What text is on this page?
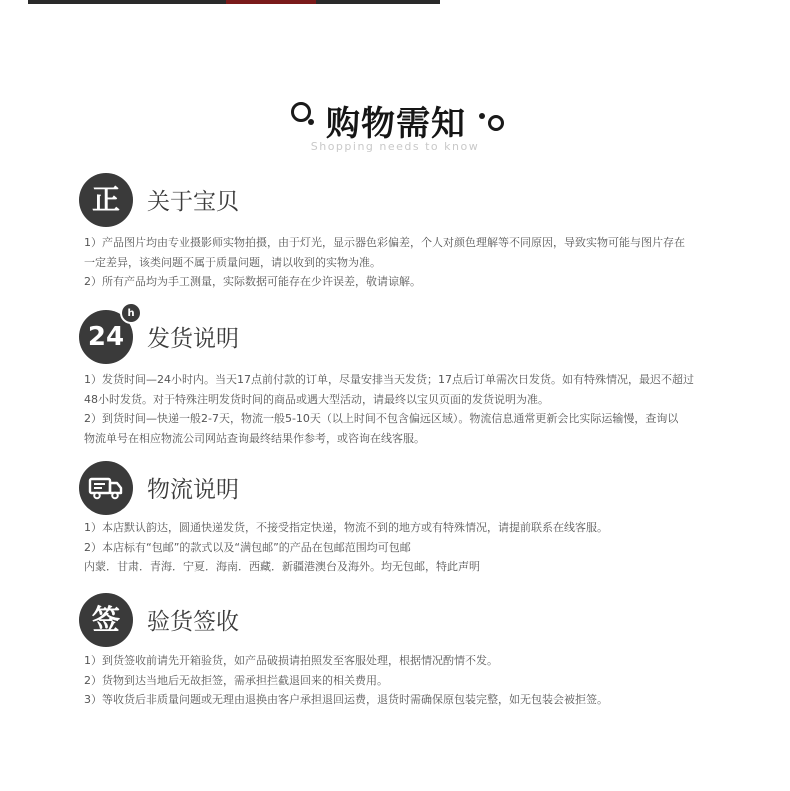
购物需知
Shopping needs to know
正 关于宝贝
1）产品图片均由专业摄影师实物拍摄，由于灯光，显示器色彩偏差，个人对颜色理解等不同原因，导致实物可能与图片存在
一定差异，该类问题不属于质量问题，请以收到的实物为准。
2）所有产品均为手工测量，实际数据可能存在少许误差，敬请谅解。
24
h
发货说明
1）发货时间—24小时内。当天17点前付款的订单，尽量安排当天发货；17点后订单需次日发货。如有特殊情况，最迟不超过
48小时发货。对于特殊注明发货时间的商品或遇大型活动，请最终以宝贝页面的发货说明为准。
2）到货时间—快递一般2-7天，物流一般5-10天（以上时间不包含偏远区域）。物流信息通常更新会比实际运输慢，查询以
物流单号在相应物流公司网站查询最终结果作参考，或咨询在线客服。
物流说明
1）本店默认韵达，圆通快递发货，不接受指定快递，物流不到的地方或有特殊情况，请提前联系在线客服。
2）本店标有“包邮”的款式以及“满包邮”的产品在包邮范围均可包邮
内蒙．甘肃．青海．宁夏．海南．西藏．新疆港澳台及海外。均无包邮，特此声明
签 验货签收
1）到货签收前请先开箱验货，如产品破损请拍照发至客服处理，根据情况酌情不发。
2）货物到达当地后无故拒签，需承担拦截退回来的相关费用。
3）等收货后非质量问题或无理由退换由客户承担退回运费，退货时需确保原包装完整，如无包装会被拒签。
